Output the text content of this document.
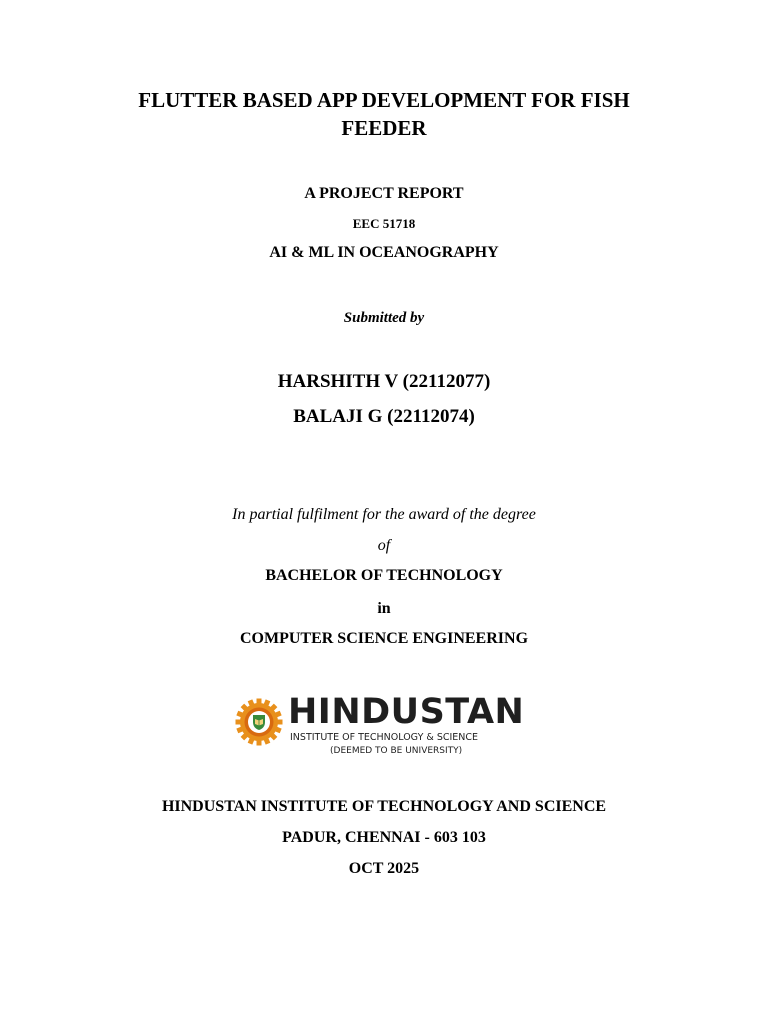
FLUTTER BASED APP DEVELOPMENT FOR FISH
FEEDER
A PROJECT REPORT
EEC 51718
AI & ML IN OCEANOGRAPHY
Submitted by
HARSHITH V (22112077)
BALAJI G (22112074)
In partial fulfilment for the award of the degree
of
BACHELOR OF TECHNOLOGY
in
COMPUTER SCIENCE ENGINEERING
HINDUSTAN
INSTITUTE OF TECHNOLOGY & SCIENCE
(DEEMED TO BE UNIVERSITY)
HINDUSTAN INSTITUTE OF TECHNOLOGY AND SCIENCE
PADUR, CHENNAI - 603 103
OCT 2025
